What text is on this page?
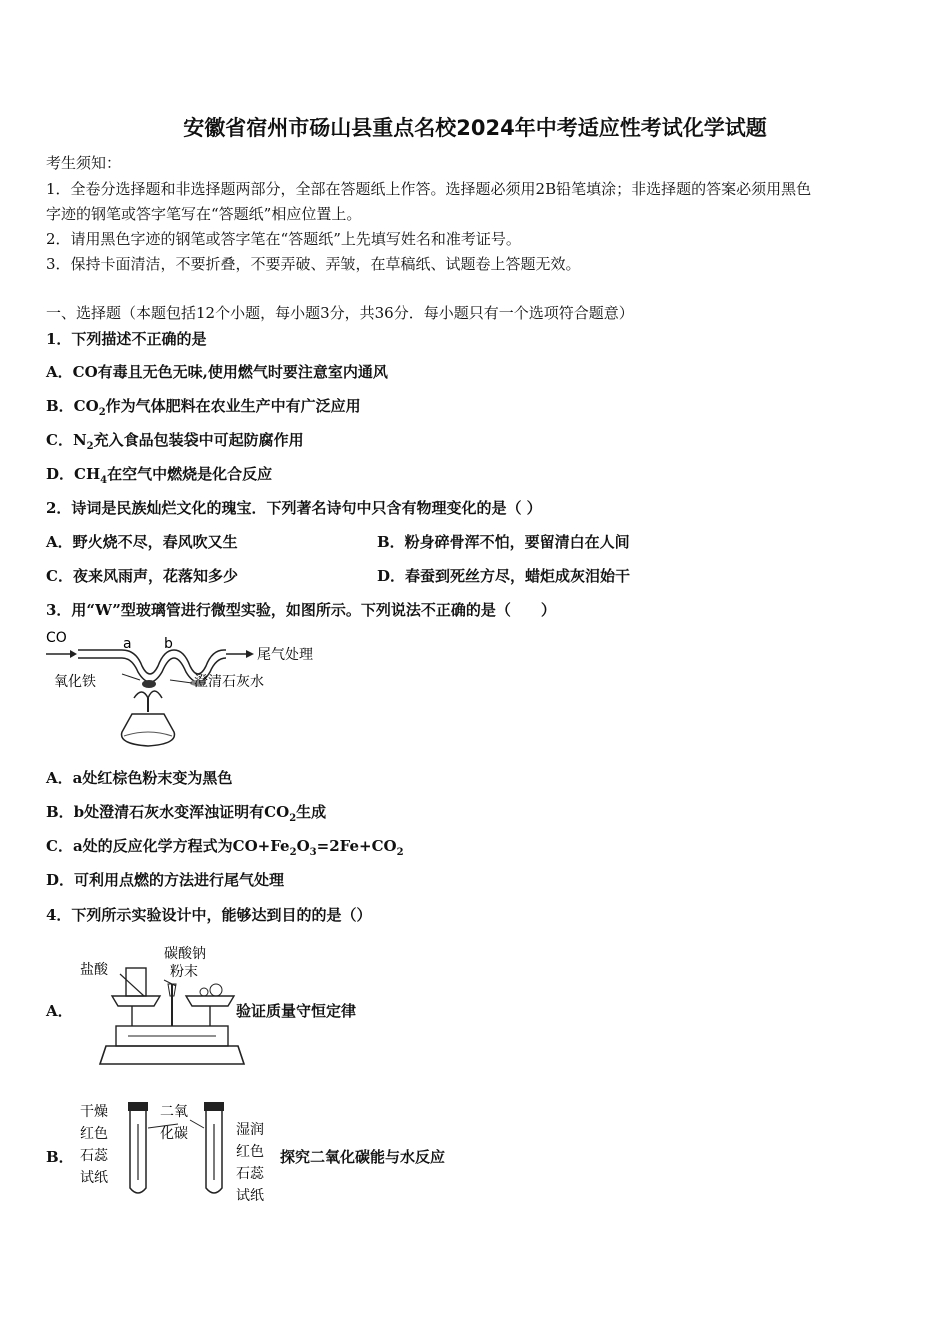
安徽省宿州市砀山县重点名校2024年中考适应性考试化学试题
考生须知：
1．全卷分选择题和非选择题两部分，全部在答题纸上作答。选择题必须用2B铅笔填涂；非选择题的答案必须用黑色
字迹的钢笔或答字笔写在“答题纸”相应位置上。
2．请用黑色字迹的钢笔或答字笔在“答题纸”上先填写姓名和准考证号。
3．保持卡面清洁，不要折叠，不要弄破、弄皱，在草稿纸、试题卷上答题无效。
一、选择题（本题包括12个小题，每小题3分，共36分．每小题只有一个选项符合题意）
1．下列描述不正确的是
A．CO有毒且无色无味,使用燃气时要注意室内通风
B．$CO_2$作为气体肥料在农业生产中有广泛应用
C．$N_2$充入食品包装袋中可起防腐作用
D．$CH_4$在空气中燃烧是化合反应
2．诗词是民族灿烂文化的瑰宝．下列著名诗句中只含有物理变化的是（ ）
A．野火烧不尽，春风吹又生	B．粉身碎骨浑不怕，要留清白在人间
C．夜来风雨声，花落知多少	D．春蚕到死丝方尽，蜡炬成灰泪始干
3．用“W”型玻璃管进行微型实验，如图所示。下列说法不正确的是（　　）
CO	a b
尾气处理
氧化铁	澄清石灰水
A．a处红棕色粉末变为黑色
B．b处澄清石灰水变浑浊证明有$CO_2$生成
C．a处的反应化学方程式为$CO+Fe_2O_3=2Fe+CO_2$
D．可利用点燃的方法进行尾气处理
4．下列所示实验设计中，能够达到目的的是（）
A．
盐酸
碳酸钠
粉末
验证质量守恒定律
B．
干燥
红色
石蕊
试纸
二氧
化碳	湿润
红色
石蕊
试纸
探究二氧化碳能与水反应
